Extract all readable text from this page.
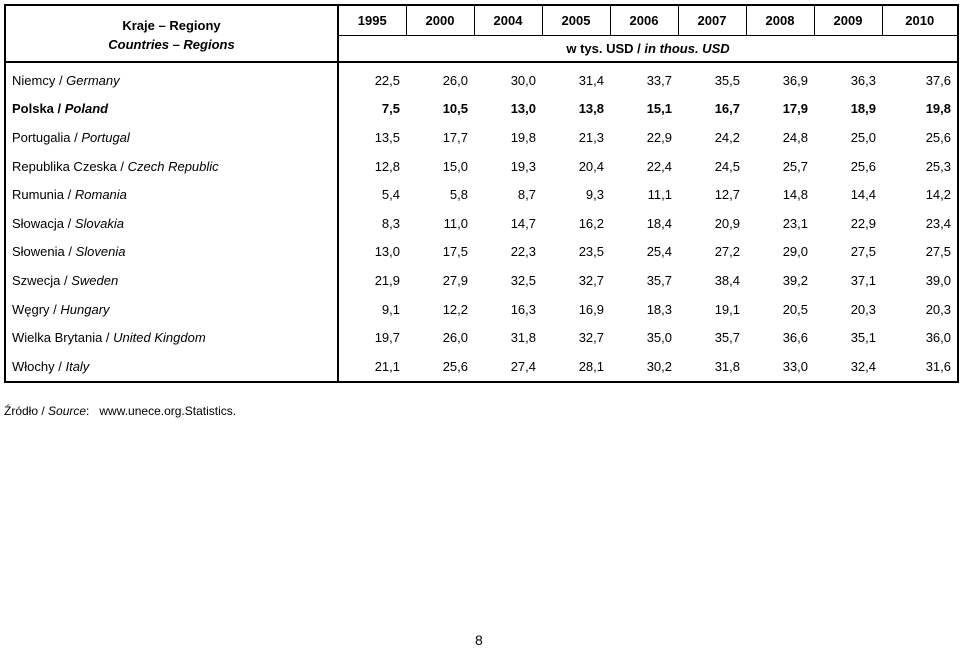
Kraje – Regiony
Countries – Regions	1995	2000	2004	2005	2006	2007	2008	2009	2010
	w tys. USD / in thous. USD								
Niemcy / Germany	22,5	26,0	30,0	31,4	33,7	35,5	36,9	36,3	37,6
Polska / Poland	7,5	10,5	13,0	13,8	15,1	16,7	17,9	18,9	19,8
Portugalia / Portugal	13,5	17,7	19,8	21,3	22,9	24,2	24,8	25,0	25,6
Republika Czeska / Czech Republic	12,8	15,0	19,3	20,4	22,4	24,5	25,7	25,6	25,3
Rumunia / Romania	5,4	5,8	8,7	9,3	11,1	12,7	14,8	14,4	14,2
Słowacja / Slovakia	8,3	11,0	14,7	16,2	18,4	20,9	23,1	22,9	23,4
Słowenia / Slovenia	13,0	17,5	22,3	23,5	25,4	27,2	29,0	27,5	27,5
Szwecja / Sweden	21,9	27,9	32,5	32,7	35,7	38,4	39,2	37,1	39,0
Węgry / Hungary	9,1	12,2	16,3	16,9	18,3	19,1	20,5	20,3	20,3
Wielka Brytania / United Kingdom	19,7	26,0	31,8	32,7	35,0	35,7	36,6	35,1	36,0
Włochy / Italy	21,1	25,6	27,4	28,1	30,2	31,8	33,0	32,4	31,6
Źródło / Source: www.unece.org.Statistics.
8
